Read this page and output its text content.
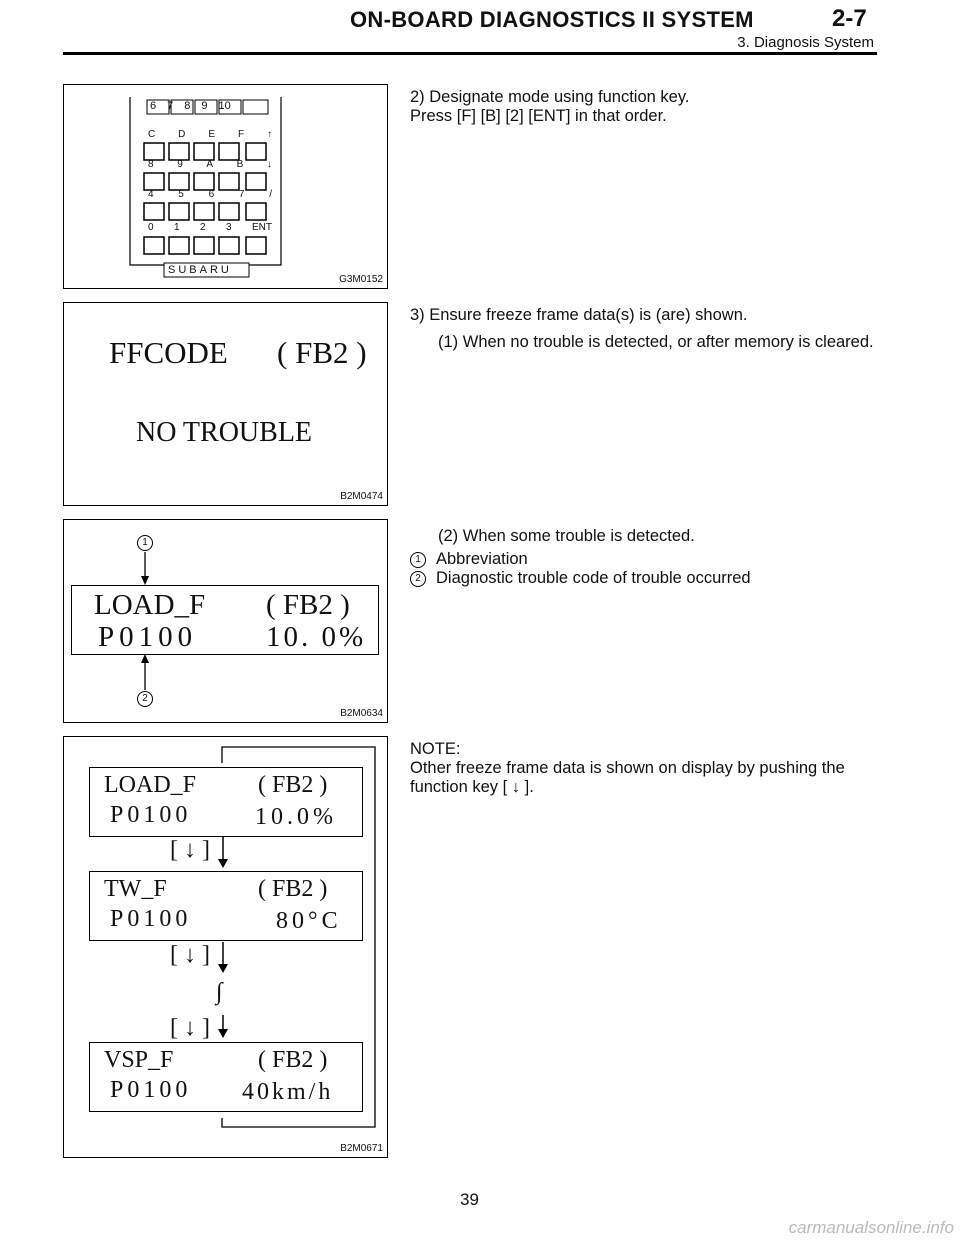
ON-BOARD DIAGNOSTICS II SYSTEM	2-7
3. Diagnosis System
6 7 8 9 10
C D E F ↑
8 9 A B ↓
4 5 6 7 /
0 1 2 3 ENT
SUBARU
G3M0152
2) Designate mode using function key.
Press [F] [B] [2] [ENT] in that order.
FFCODE ( FB2 )
NO TROUBLE
B2M0474
3) Ensure freeze frame data(s) is (are) shown.
(1) When no trouble is detected, or after memory is cleared.
1
2
LOAD_F ( FB2 )
P0100 10. 0%
B2M0634
(2) When some trouble is detected.
1 Abbreviation
2 Diagnostic trouble code of trouble occurred
LOAD_F	( FB2 )
P0100	10.0%
[ ↓ ]
TW_F	( FB2 )
P0100	80°C
[ ↓ ]
∫
[ ↓ ]
VSP_F	( FB2 )
P0100 40km/h
B2M0671
NOTE:
Other freeze frame data is shown on display by pushing the function key [ ↓ ].
39
carmanualsonline.info
